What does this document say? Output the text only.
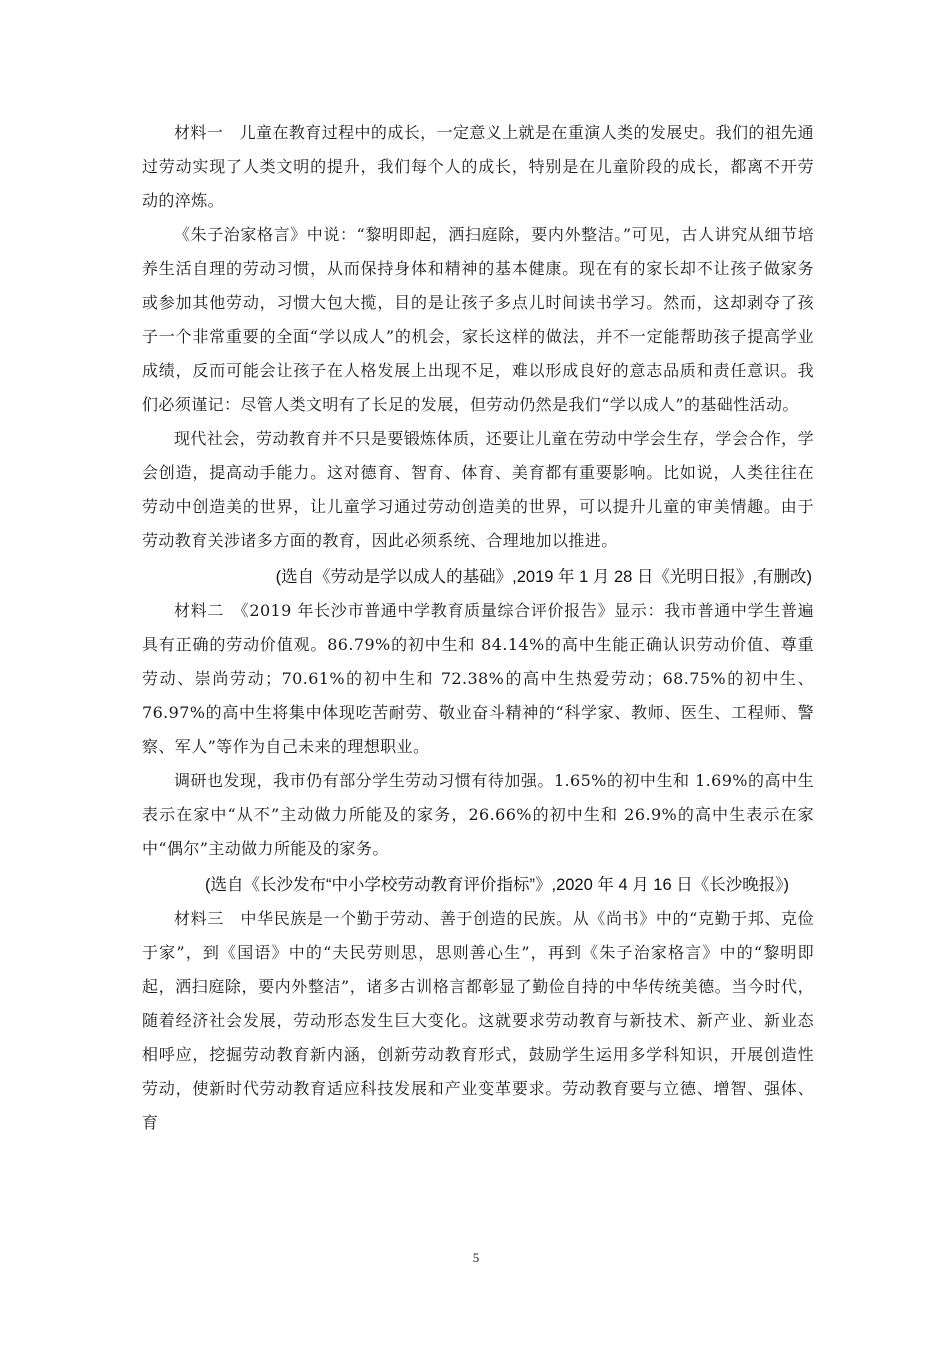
材料一　儿童在教育过程中的成长，一定意义上就是在重演人类的发展史。我们的祖先通过劳动实现了人类文明的提升，我们每个人的成长，特别是在儿童阶段的成长，都离不开劳动的淬炼。

《朱子治家格言》中说：“黎明即起，洒扫庭除，要内外整洁。”可见，古人讲究从细节培养生活自理的劳动习惯，从而保持身体和精神的基本健康。现在有的家长却不让孩子做家务或参加其他劳动，习惯大包大揽，目的是让孩子多点儿时间读书学习。然而，这却剥夺了孩子一个非常重要的全面“学以成人”的机会，家长这样的做法，并不一定能帮助孩子提高学业成绩，反而可能会让孩子在人格发展上出现不足，难以形成良好的意志品质和责任意识。我们必须谨记：尽管人类文明有了长足的发展，但劳动仍然是我们“学以成人”的基础性活动。

现代社会，劳动教育并不只是要锻炼体质，还要让儿童在劳动中学会生存，学会合作，学会创造，提高动手能力。这对德育、智育、体育、美育都有重要影响。比如说，人类往往在劳动中创造美的世界，让儿童学习通过劳动创造美的世界，可以提升儿童的审美情趣。由于劳动教育关涉诸多方面的教育，因此必须系统、合理地加以推进。

(选自《劳动是学以成人的基础》,2019 年 1 月 28 日《光明日报》,有删改)

材料二　《2019 年长沙市普通中学教育质量综合评价报告》显示：我市普通中学生普遍具有正确的劳动价值观。86.79%的初中生和 84.14%的高中生能正确认识劳动价值、尊重劳动、崇尚劳动；70.61%的初中生和 72.38%的高中生热爱劳动；68.75%的初中生、76.97%的高中生将集中体现吃苦耐劳、敬业奋斗精神的“科学家、教师、医生、工程师、警察、军人”等作为自己未来的理想职业。

调研也发现，我市仍有部分学生劳动习惯有待加强。1.65%的初中生和 1.69%的高中生表示在家中“从不”主动做力所能及的家务，26.66%的初中生和 26.9%的高中生表示在家中“偶尔”主动做力所能及的家务。

(选自《长沙发布“中小学校劳动教育评价指标”》,2020 年 4 月 16 日《长沙晚报》)

材料三　中华民族是一个勤于劳动、善于创造的民族。从《尚书》中的“克勤于邦、克俭于家”，到《国语》中的“夫民劳则思，思则善心生”，再到《朱子治家格言》中的“黎明即起，洒扫庭除，要内外整洁”，诸多古训格言都彰显了勤俭自持的中华传统美德。当今时代，随着经济社会发展，劳动形态发生巨大变化。这就要求劳动教育与新技术、新产业、新业态相呼应，挖掘劳动教育新内涵，创新劳动教育形式，鼓励学生运用多学科知识，开展创造性劳动，使新时代劳动教育适应科技发展和产业变革要求。劳动教育要与立德、增智、强体、育

5
